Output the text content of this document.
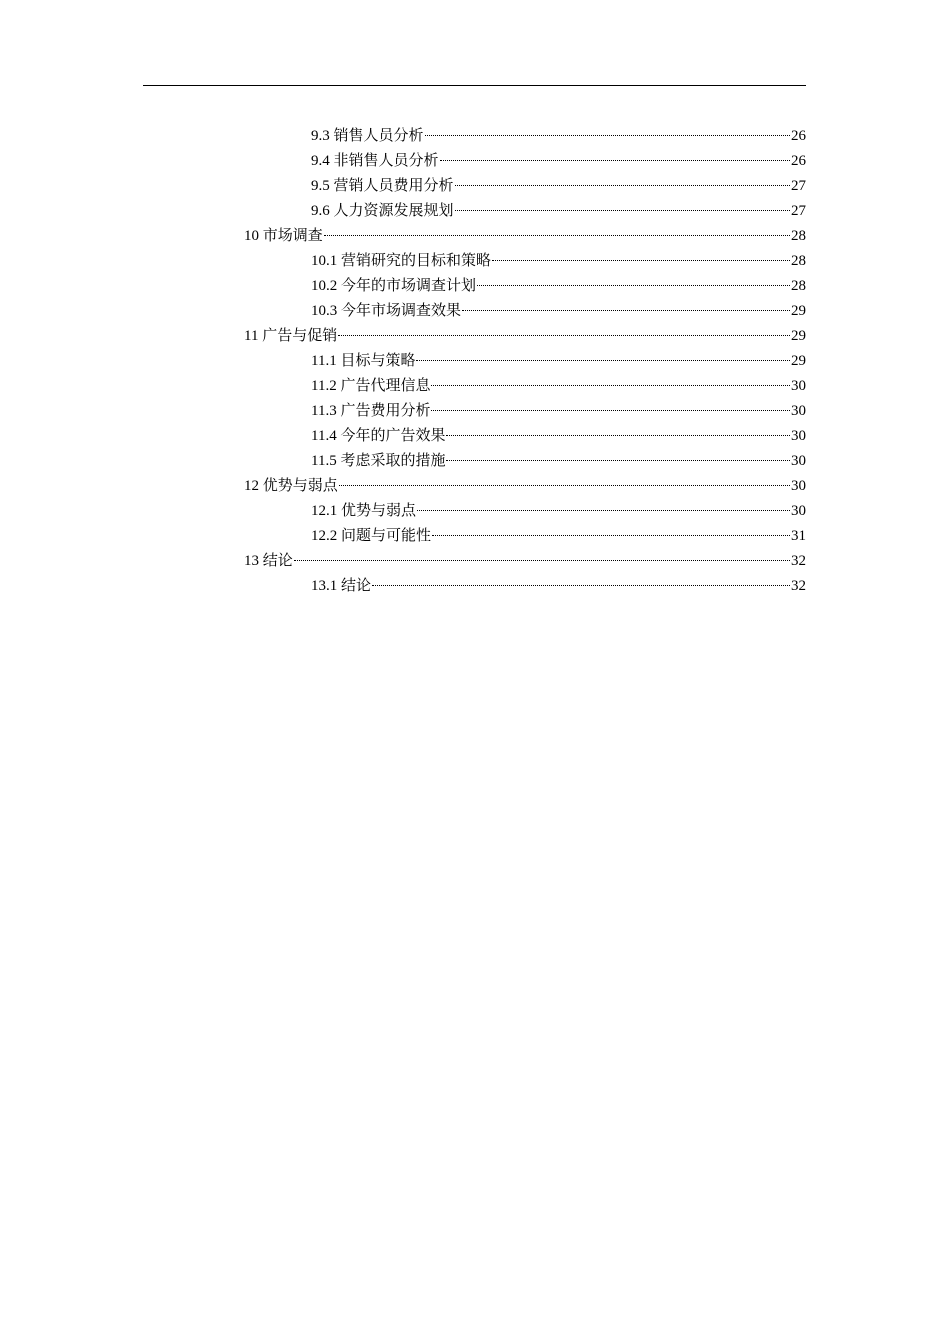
9.3 销售人员分析	26
9.4 非销售人员分析	26
9.5 营销人员费用分析	27
9.6 人力资源发展规划	27
10 市场调查	28
10.1 营销研究的目标和策略	28
10.2 今年的市场调查计划	28
10.3 今年市场调查效果	29
11 广告与促销	29
11.1 目标与策略	29
11.2 广告代理信息	30
11.3 广告费用分析	30
11.4 今年的广告效果	30
11.5 考虑采取的措施	30
12 优势与弱点	30
12.1 优势与弱点	30
12.2 问题与可能性	31
13 结论	32
13.1 结论	32
